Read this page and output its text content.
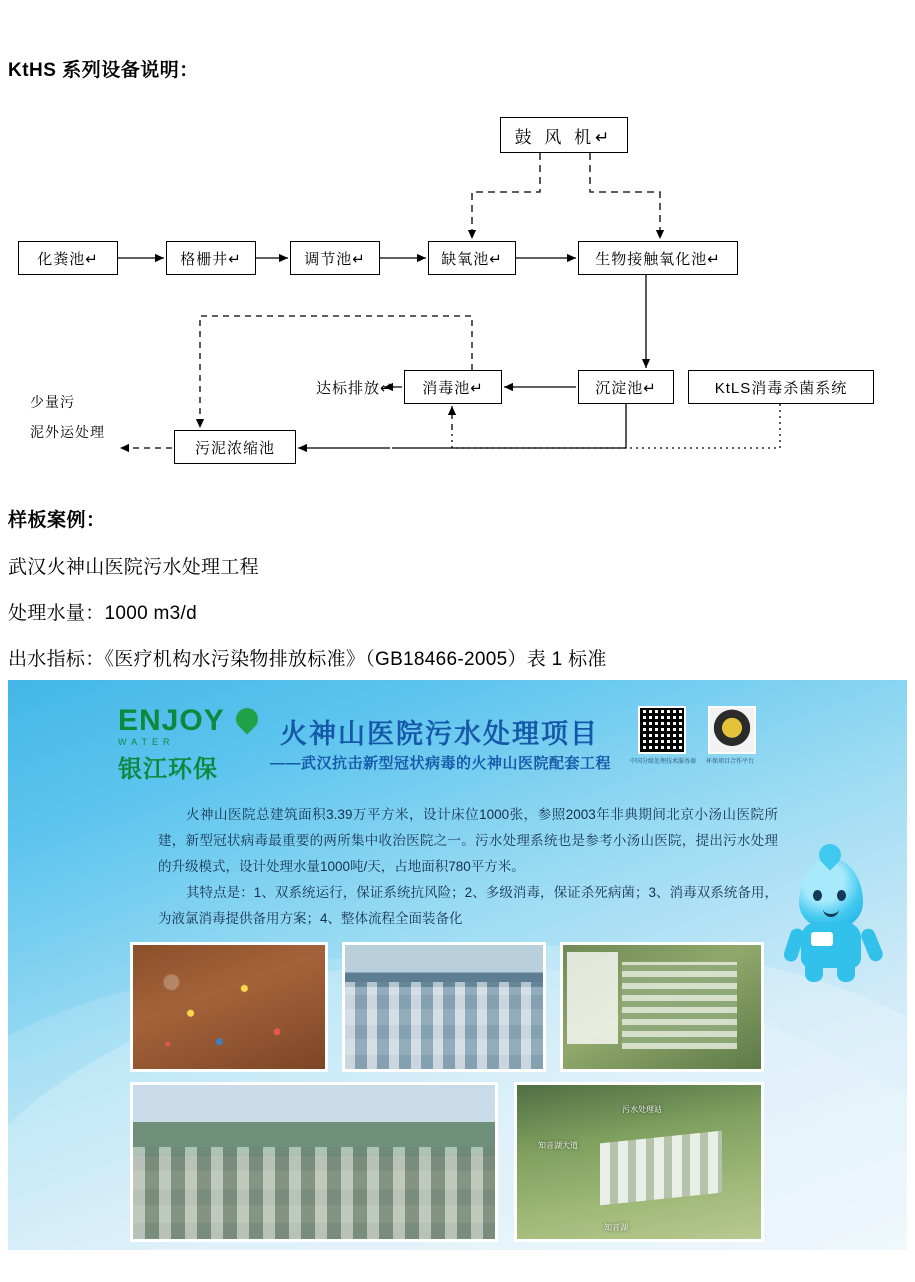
KtHS 系列设备说明：
鼓 风 机↵
化粪池↵	格栅井↵	调节池↵	缺氧池↵	生物接触氧化池↵
沉淀池↵	KtLS消毒杀菌系统
消毒池↵
污泥浓缩池
达标排放↵
少量污
泥外运处理
样板案例：
武汉火神山医院污水处理工程
处理水量：1000 m3/d
出水指标：《医疗机构水污染物排放标准》（GB18466-2005）表 1 标准
ENJOY
WATER
银江环保
火神山医院污水处理项目
——武汉抗击新型冠状病毒的火神山医院配套工程	中国分级处理技术服务商	环保项目合作平台
火神山医院总建筑面积3.39万平方米，设计床位1000张，参照2003年非典期间北京小汤山医院所建，新型冠状病毒最重要的两所集中收治医院之一。污水处理系统也是参考小汤山医院，提出污水处理的升级模式，设计处理水量1000吨/天，占地面积780平方米。
其特点是：1、双系统运行，保证系统抗风险；2、多级消毒，保证杀死病菌；3、消毒双系统备用，为液氯消毒提供备用方案；4、整体流程全面装备化
污水处理站
知音湖大道
知音湖
